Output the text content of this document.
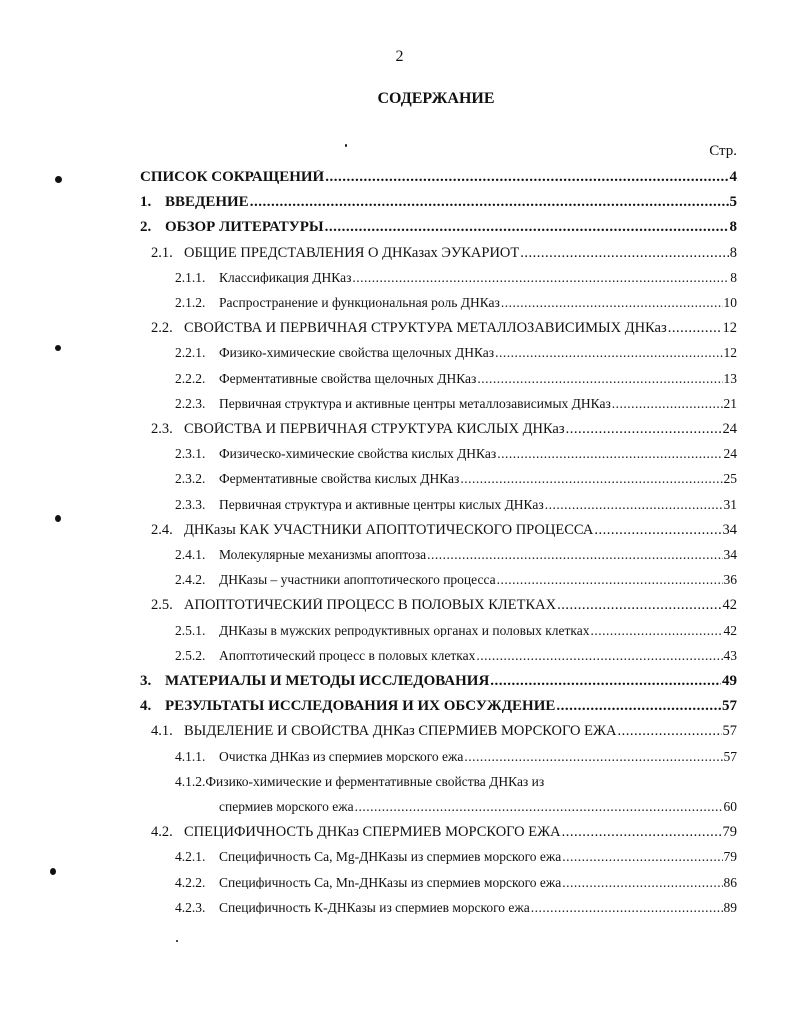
2
СОДЕРЖАНИЕ
Стр.
СПИСОК СОКРАЩЕНИЙ .....	4
1. ВВЕДЕНИЕ .....	5
2. ОБЗОР ЛИТЕРАТУРЫ .....	8
2.1. ОБЩИЕ ПРЕДСТАВЛЕНИЯ О ДНКазах ЭУКАРИОТ .....	8
2.1.1.	Классификация ДНКаз .....	8
2.1.2.	Распространение и функциональная роль ДНКаз .....	10
2.2. СВОЙСТВА И ПЕРВИЧНАЯ СТРУКТУРА МЕТАЛЛОЗАВИСИМЫХ ДНКаз .....	12
2.2.1.	Физико-химические свойства щелочных ДНКаз .....	12
2.2.2.	Ферментативные свойства щелочных ДНКаз .....	13
2.2.3.	Первичная структура и активные центры металлозависимых ДНКаз .....	21
2.3. СВОЙСТВА И ПЕРВИЧНАЯ СТРУКТУРА КИСЛЫХ ДНКаз .....	24
2.3.1.	Физическо-химические свойства кислых ДНКаз .....	24
2.3.2.	Ферментативные свойства кислых ДНКаз .....	25
2.3.3.	Первичная структура и активные центры кислых ДНКаз .....	31
2.4. ДНКазы КАК УЧАСТНИКИ АПОПТОТИЧЕСКОГО ПРОЦЕССА .....	34
2.4.1.	Молекулярные механизмы апоптоза .....	34
2.4.2.	ДНКазы – участники апоптотического процесса .....	36
2.5. АПОПТОТИЧЕСКИЙ ПРОЦЕСС В ПОЛОВЫХ КЛЕТКАХ .....	42
2.5.1.	ДНКазы в мужских репродуктивных органах и половых клетках .....	42
2.5.2.	Апоптотический процесс в половых клетках .....	43
3. МАТЕРИАЛЫ И МЕТОДЫ ИССЛЕДОВАНИЯ .....	49
4. РЕЗУЛЬТАТЫ ИССЛЕДОВАНИЯ И ИХ ОБСУЖДЕНИЕ .....	57
4.1. ВЫДЕЛЕНИЕ И СВОЙСТВА ДНКаз СПЕРМИЕВ МОРСКОГО ЕЖА .....	57
4.1.1.	Очистка ДНКаз из спермиев морского ежа .....	57
4.1.2.Физико-химические и ферментативные свойства ДНКаз из
спермиев морского ежа .....	60
4.2. СПЕЦИФИЧНОСТЬ ДНКаз СПЕРМИЕВ МОРСКОГО ЕЖА .....	79
4.2.1.	Специфичность Са, Мg-ДНКазы из спермиев морского ежа .....	79
4.2.2.	Специфичность Са, Мn-ДНКазы из спермиев морского ежа .....	86
4.2.3.	Специфичность К-ДНКазы из спермиев морского ежа .....	89
